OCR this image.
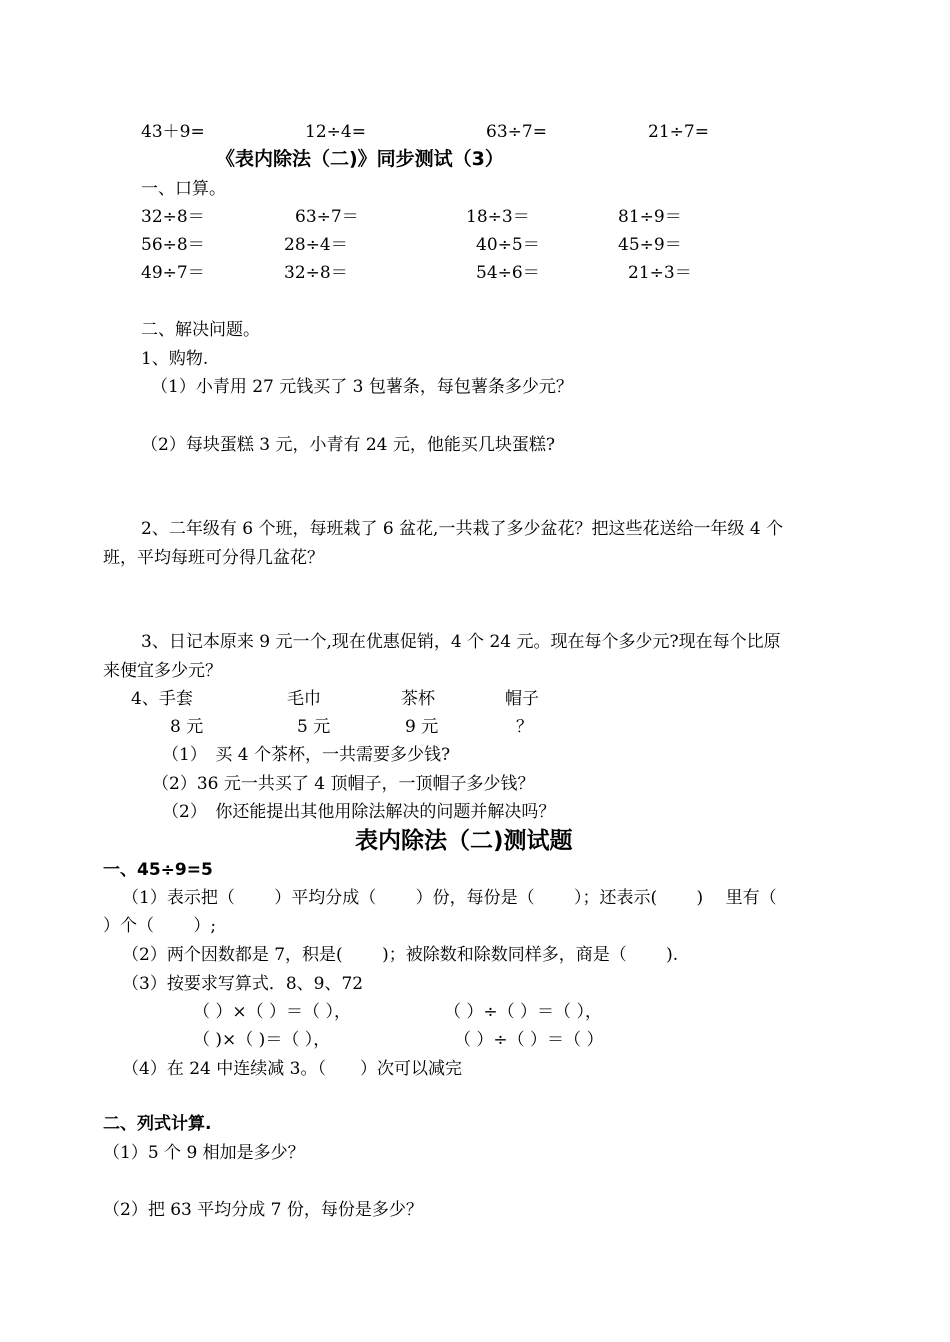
43＋9=	12÷4=	63÷7=	21÷7=
《表内除法（二)》同步测试（3）
一、口算。
32÷8＝	63÷7＝	18÷3＝	81÷9＝
56÷8＝	28÷4＝	40÷5＝	45÷9＝
49÷7＝	32÷8＝	54÷6＝	21÷3＝
二、解决问题。
1、购物.
（1）小青用 27 元钱买了 3 包薯条，每包薯条多少元？
（2）每块蛋糕 3 元，小青有 24 元，他能买几块蛋糕?
2、二年级有 6 个班，每班栽了 6 盆花,一共栽了多少盆花？把这些花送给一年级 4 个
班，平均每班可分得几盆花？
3、日记本原来 9 元一个,现在优惠促销，4 个 24 元。现在每个多少元?现在每个比原
来便宜多少元？
4、手套	毛巾	茶杯	帽子
8 元	5 元	9 元	？
（1）　买 4 个茶杯，一共需要多少钱?
（2）36 元一共买了 4 顶帽子，一顶帽子多少钱？
（2）　你还能提出其他用除法解决的问题并解决吗？
表内除法（二)测试题
一、45÷9=5
（1）表示把（　　 ）平均分成（　　 ）份，每份是（　　 ）；还表示(　　 )　 里有（
）个（　　 ）;
（2）两个因数都是 7，积是(　　 )；被除数和除数同样多，商是（　　 ).
（3）按要求写算式．8、9、72
（ ）×（ ）＝（ ），	（ ）÷（ ）＝（ ），
（ )×（ )＝（ ），	（ ）÷（ ）＝（ ）
（4）在 24 中连续减 3。（　　）次可以减完
二、列式计算.
（1）5 个 9 相加是多少？
（2）把 63 平均分成 7 份，每份是多少？
